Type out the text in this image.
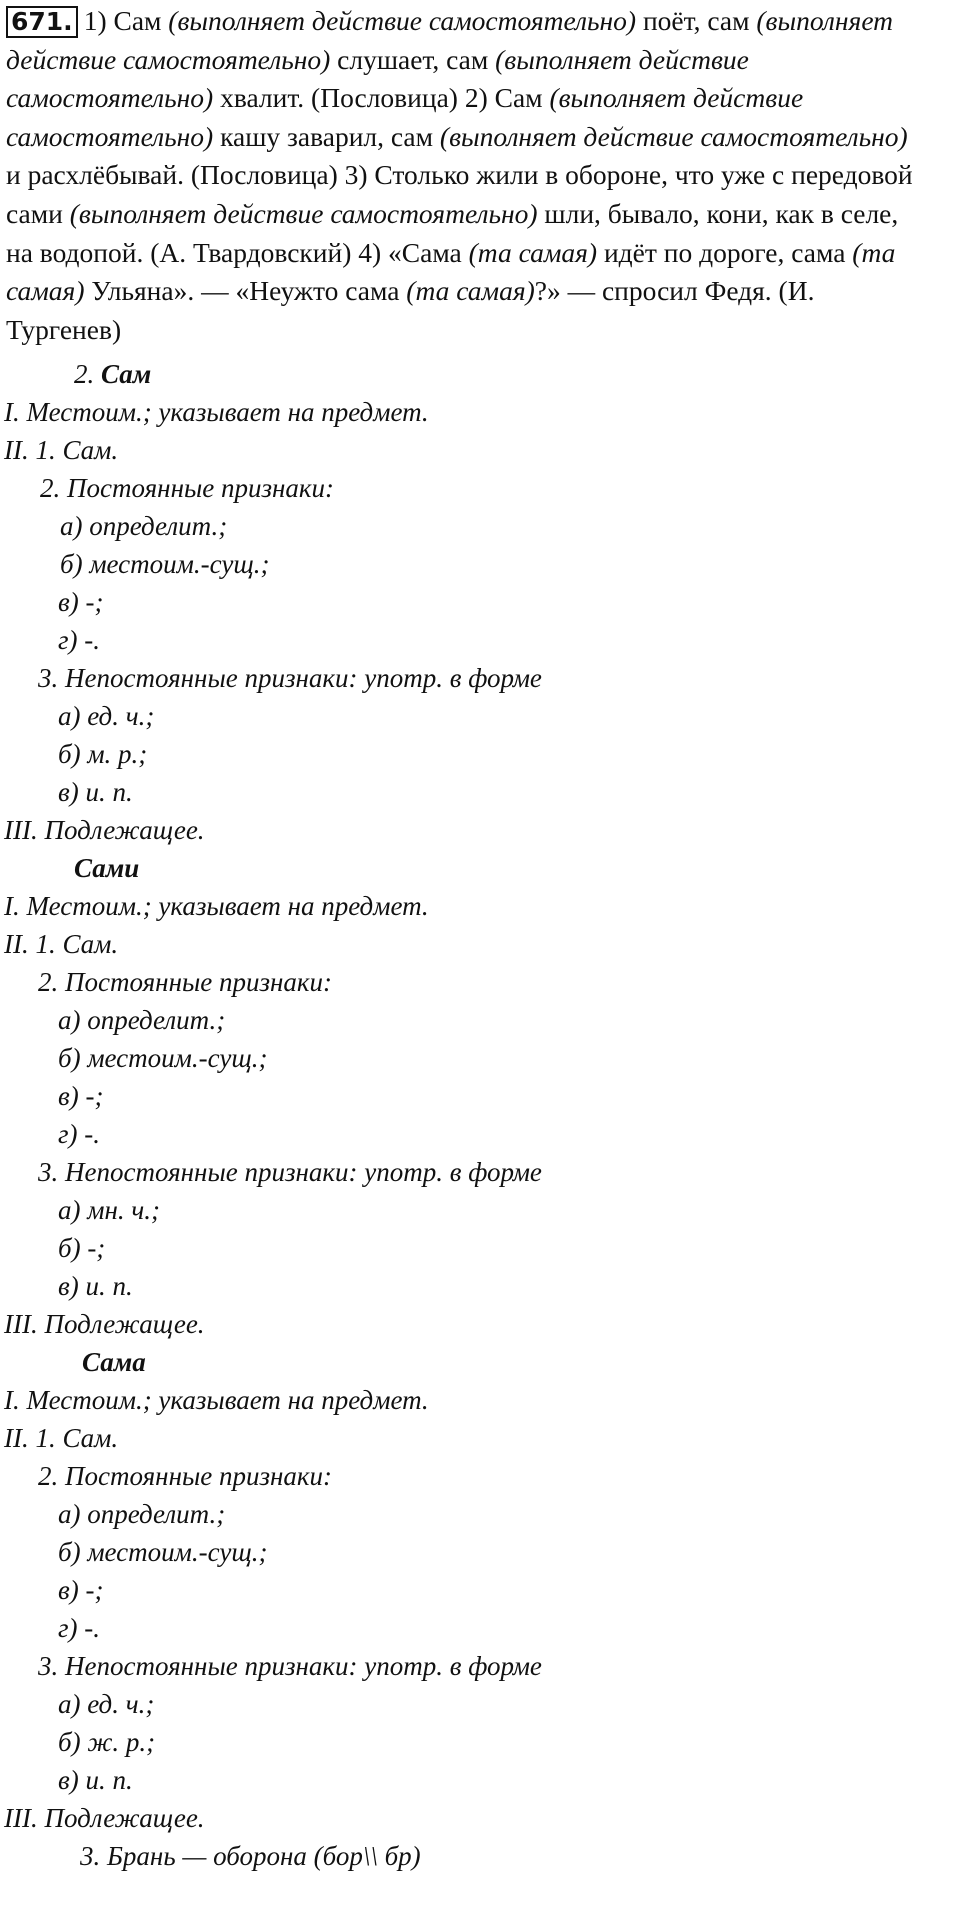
671. 1) Сам (выполняет действие самостоятельно) поёт, сам (выполняет
действие самостоятельно) слушает, сам (выполняет действие
самостоятельно) хвалит. (Пословица) 2) Сам (выполняет действие
самостоятельно) кашу заварил, сам (выполняет действие самостоятельно)
и расхлёбывай. (Пословица) 3) Столько жили в обороне, что уже с передовой
сами (выполняет действие самостоятельно) шли, бывало, кони, как в селе,
на водопой. (А. Твардовский) 4) «Сама (та самая) идёт по дороге, сама (та
самая) Ульяна». — «Неужто сама (та самая)?» — спросил Федя. (И.
Тургенев)
2. Сам
I. Местоим.; указывает на предмет.
II. 1. Сам.
2. Постоянные признаки:
а) определит.;
б) местоим.-сущ.;
в) -;
г) -.
3. Непостоянные признаки: употр. в форме
а) ед. ч.;
б) м. р.;
в) и. п.
III. Подлежащее.
Сами
I. Местоим.; указывает на предмет.
II. 1. Сам.
2. Постоянные признаки:
а) определит.;
б) местоим.-сущ.;
в) -;
г) -.
3. Непостоянные признаки: употр. в форме
а) мн. ч.;
б) -;
в) и. п.
III. Подлежащее.
Сама
I. Местоим.; указывает на предмет.
II. 1. Сам.
2. Постоянные признаки:
а) определит.;
б) местоим.-сущ.;
в) -;
г) -.
3. Непостоянные признаки: употр. в форме
а) ед. ч.;
б) ж. р.;
в) и. п.
III. Подлежащее.
3. Брань — оборона (бор\\ бр)
